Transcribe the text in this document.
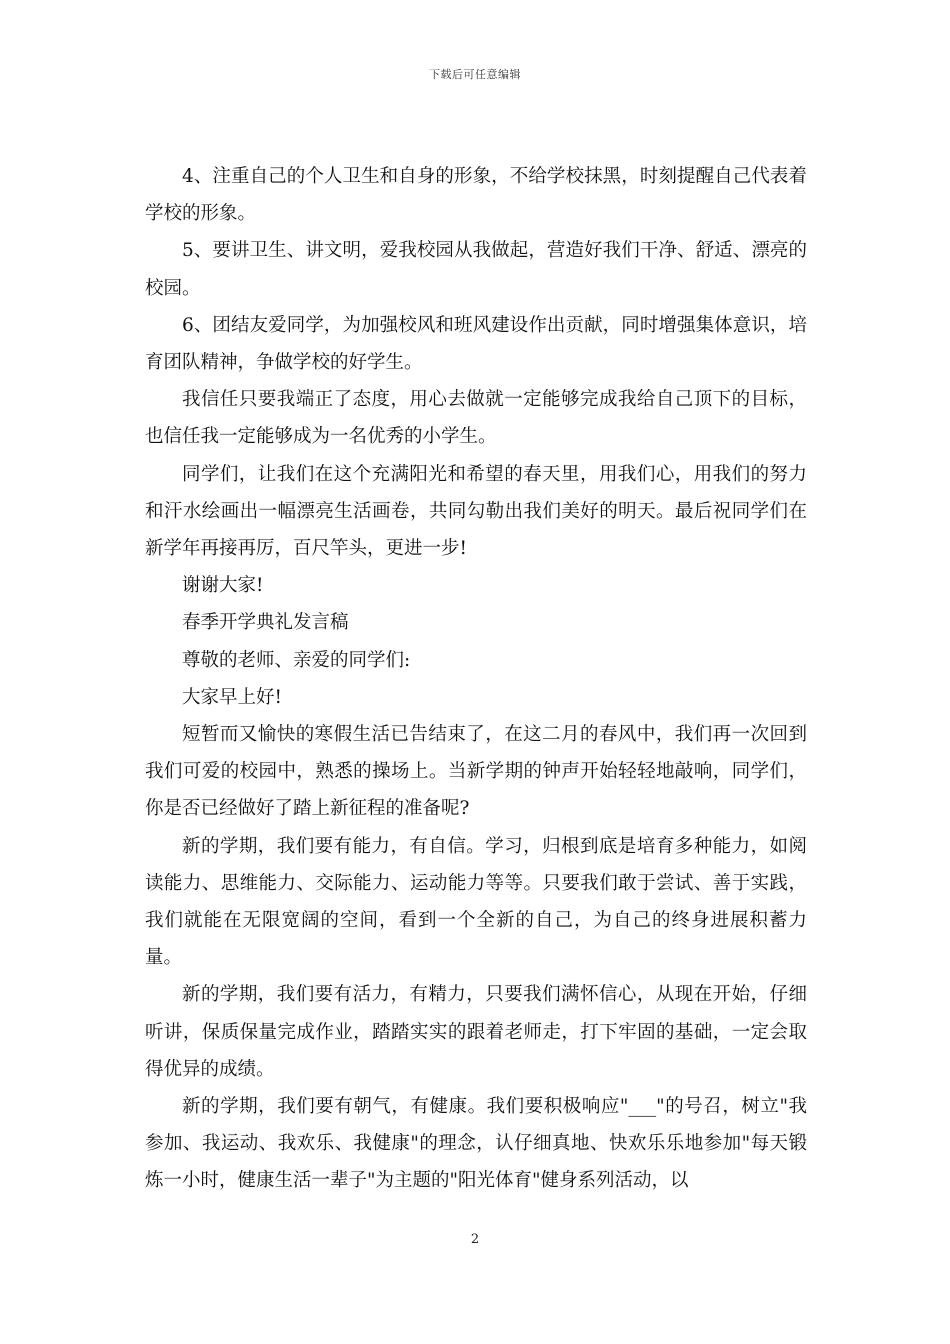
下载后可任意编辑

4、注重自己的个人卫生和自身的形象，不给学校抹黑，时刻提醒自己代表着学校的形象。

5、要讲卫生、讲文明，爱我校园从我做起，营造好我们干净、舒适、漂亮的校园。

6、团结友爱同学，为加强校风和班风建设作出贡献，同时增强集体意识，培育团队精神，争做学校的好学生。

我信任只要我端正了态度，用心去做就一定能够完成我给自己顶下的目标，也信任我一定能够成为一名优秀的小学生。

同学们，让我们在这个充满阳光和希望的春天里，用我们心，用我们的努力和汗水绘画出一幅漂亮生活画卷，共同勾勒出我们美好的明天。最后祝同学们在新学年再接再厉，百尺竿头，更进一步!

谢谢大家!

春季开学典礼发言稿

尊敬的老师、亲爱的同学们:

大家早上好!

短暂而又愉快的寒假生活已告结束了，在这二月的春风中，我们再一次回到我们可爱的校园中，熟悉的操场上。当新学期的钟声开始轻轻地敲响，同学们，你是否已经做好了踏上新征程的准备呢?

新的学期，我们要有能力，有自信。学习，归根到底是培育多种能力，如阅读能力、思维能力、交际能力、运动能力等等。只要我们敢于尝试、善于实践，我们就能在无限宽阔的空间，看到一个全新的自己，为自己的终身进展积蓄力量。

新的学期，我们要有活力，有精力，只要我们满怀信心，从现在开始，仔细听讲，保质保量完成作业，踏踏实实的跟着老师走，打下牢固的基础，一定会取得优异的成绩。

新的学期，我们要有朝气，有健康。我们要积极响应"___"的号召，树立"我参加、我运动、我欢乐、我健康"的理念，认仔细真地、快欢乐乐地参加"每天锻炼一小时，健康生活一辈子"为主题的"阳光体育"健身系列活动，以

2
